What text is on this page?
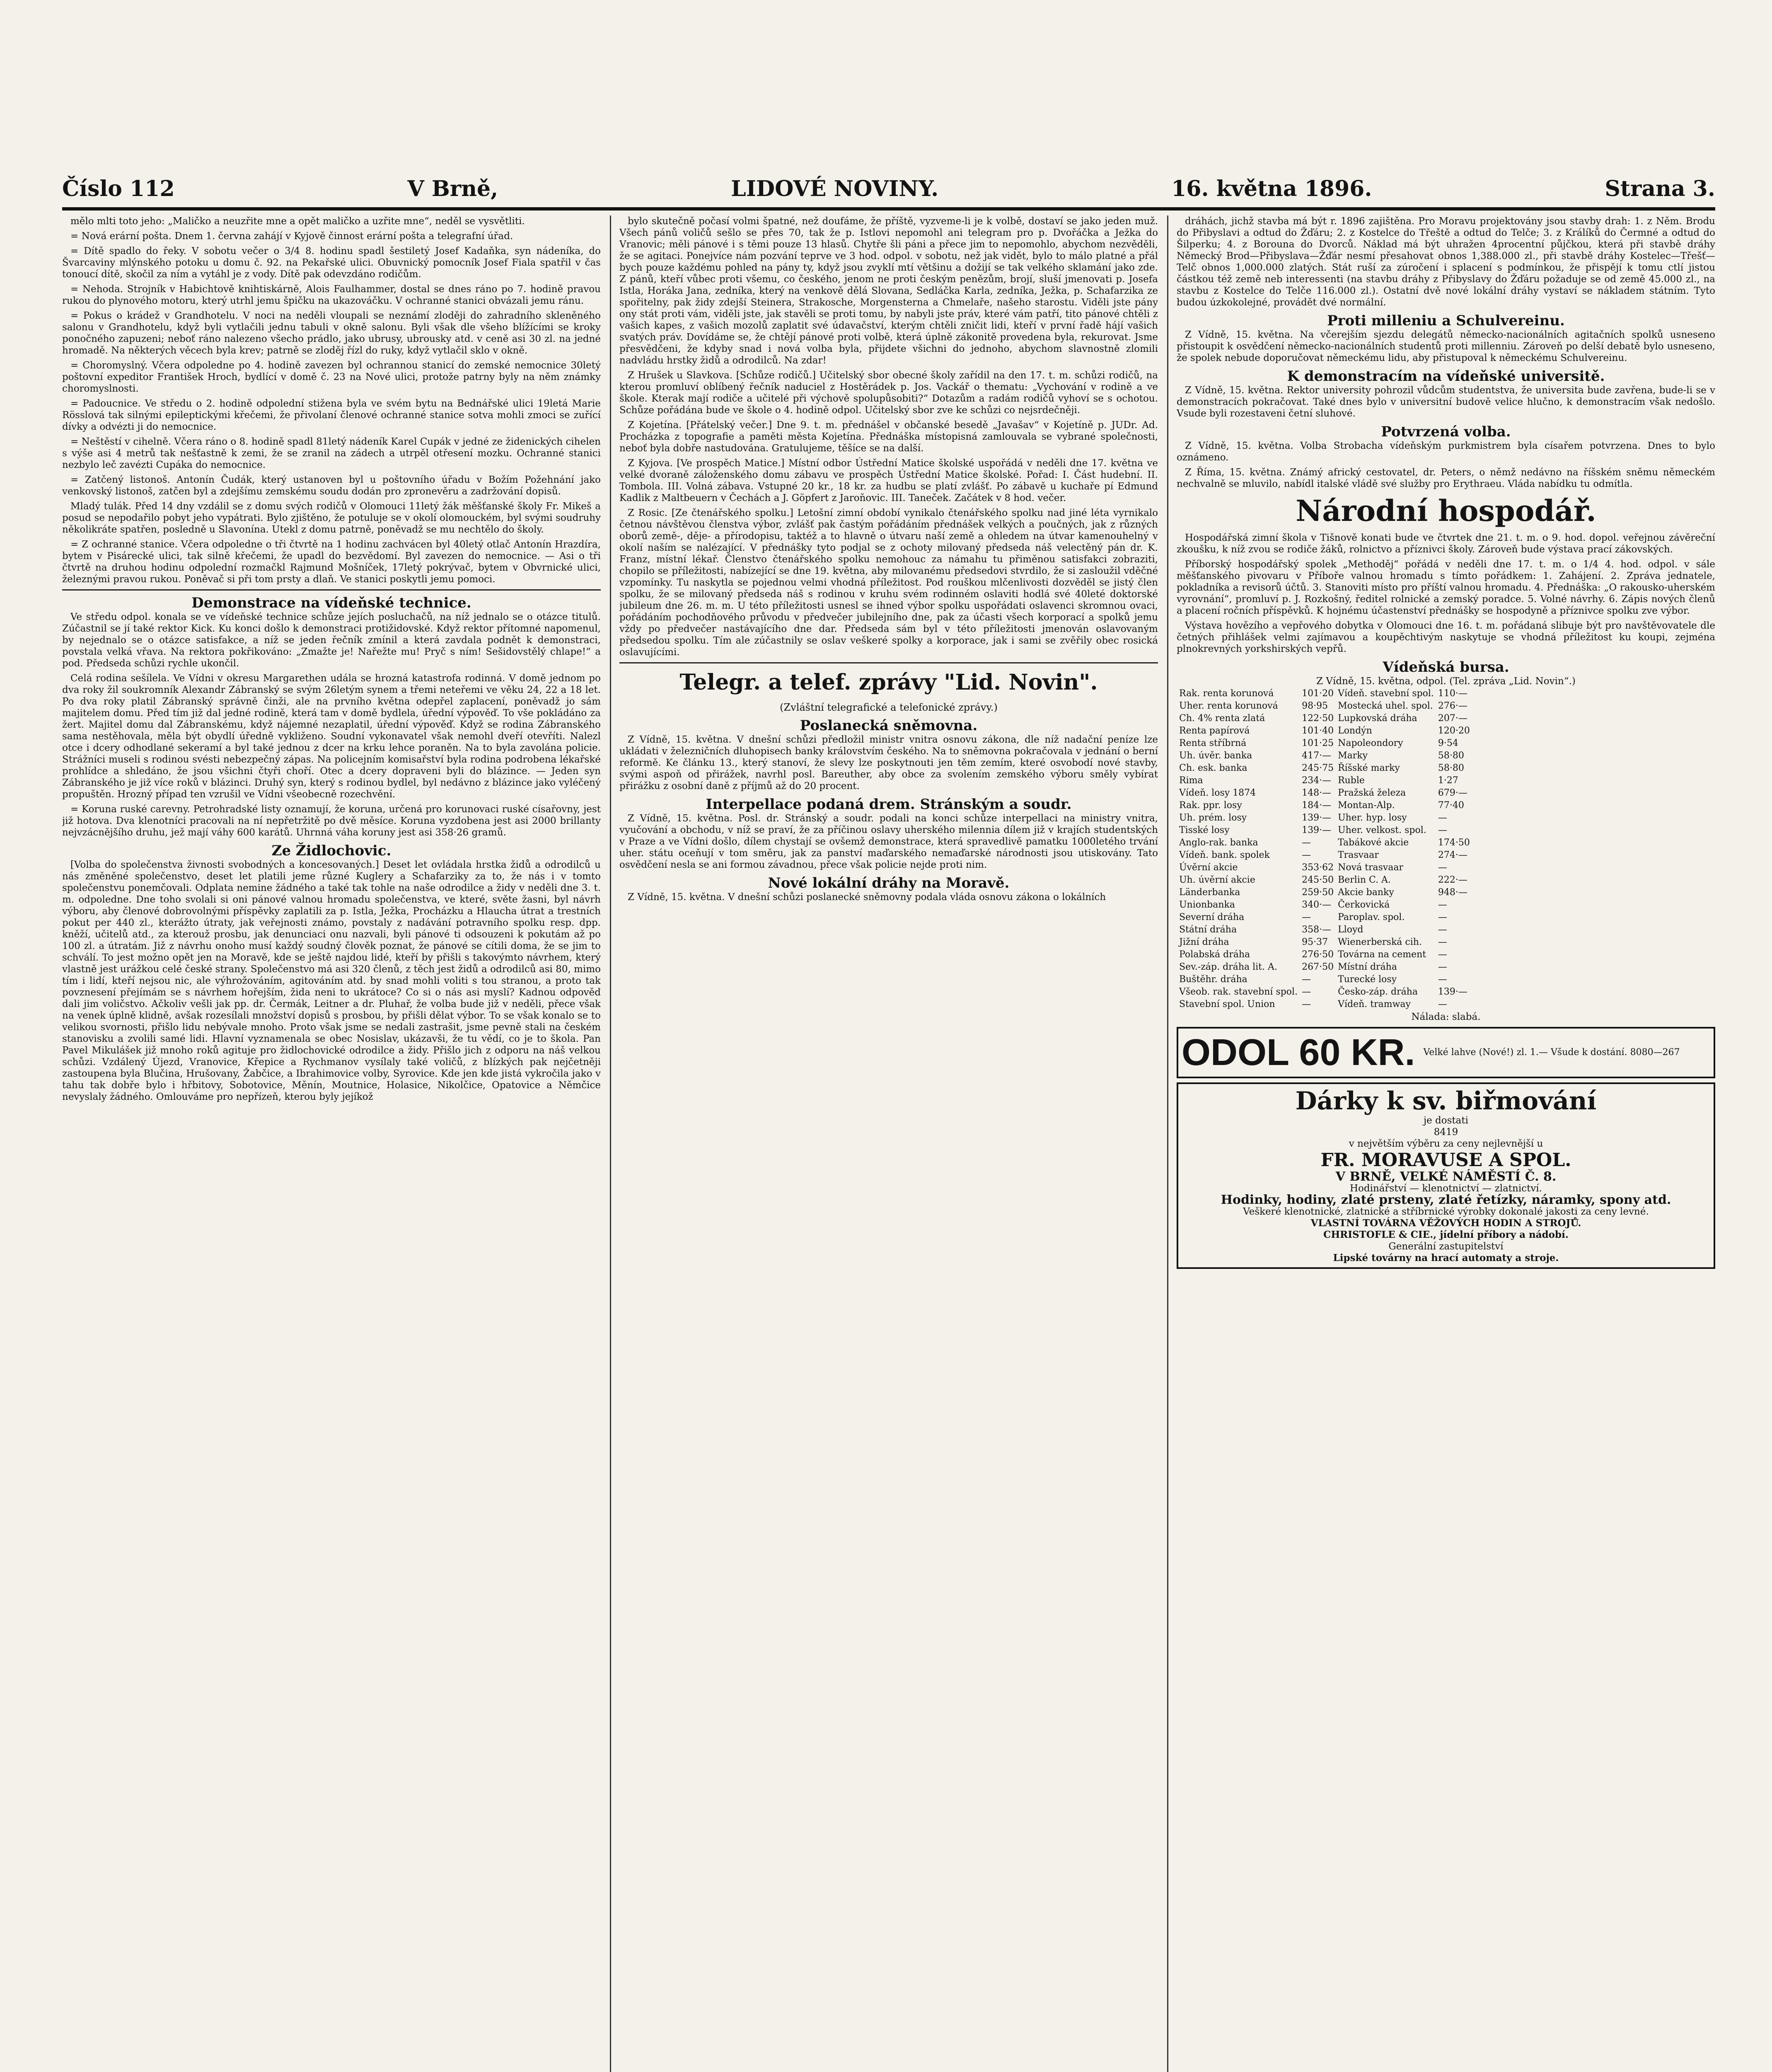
Číslo 112	V Brně,	LIDOVÉ NOVINY.	16. května 1896.	Strana 3.

mělo mlti toto jeho: „Maličko a neuzřite mne a opět maličko a uzřite mne“, neděl se vysvětliti.

= Nová erární pošta. Dnem 1. června zahájí v Kyjově činnost erární pošta a telegrafní úřad.

= Dítě spadlo do řeky. V sobotu večer o 3/4 8. hodinu spadl šestiletý Josef Kadaňka, syn nádeníka, do Švarcaviny mlýnského potoku u domu č. 92. na Pekařské ulici. Obuvnický pomocník Josef Fiala spatřil v čas tonoucí dítě, skočil za ním a vytáhl je z vody. Dítě pak odevzdáno rodičům.

= Nehoda. Strojník v Habichtově knihtiskárně, Alois Faulhammer, dostal se dnes ráno po 7. hodině pravou rukou do plynového motoru, který utrhl jemu špičku na ukazováčku. V ochranné stanici obvázali jemu ránu.

= Pokus o krádež v Grandhotelu. V noci na neděli vloupali se neznámí zloději do zahradního skleněného salonu v Grandhotelu, když byli vytlačili jednu tabuli v okně salonu. Byli však dle všeho blížícími se kroky ponočného zapuzeni; neboť ráno nalezeno všecho prádlo, jako ubrusy, ubrousky atd. v ceně asi 30 zl. na jedné hromadě. Na některých věcech byla krev; patrně se zloděj řízl do ruky, když vytlačil sklo v okně.

= Choromyslný. Včera odpoledne po 4. hodině zavezen byl ochrannou stanicí do zemské nemocnice 30letý poštovní expeditor František Hroch, bydlící v domě č. 23 na Nové ulici, protože patrny byly na něm známky choromyslnosti.

= Padoucnice. Ve středu o 2. hodině odpolední stižena byla ve svém bytu na Bednářské ulici 19letá Marie Rösslová tak silnými epileptickými křečemi, že přivolaní členové ochranné stanice sotva mohli zmoci se zuřící dívky a odvézti ji do nemocnice.

= Neštěstí v cihelně. Včera ráno o 8. hodině spadl 81letý nádeník Karel Cupák v jedné ze židenických cihelen s výše asi 4 metrů tak nešťastně k zemi, že se zranil na zádech a utrpěl otřesení mozku. Ochranné stanici nezbylo leč zavézti Cupáka do nemocnice.

= Zatčený listonoš. Antonín Čudák, který ustanoven byl u poštovního úřadu v Božím Požehnání jako venkovský listonoš, zatčen byl a zdejšímu zemskému soudu dodán pro zpronevěru a zadržování dopisů.

Mladý tulák. Před 14 dny vzdálil se z domu svých rodičů v Olomouci 11letý žák měšťanské školy Fr. Mikeš a posud se nepodařilo pobyt jeho vypátrati. Bylo zjištěno, že potuluje se v okolí olomouckém, byl svými soudruhy několikráte spatřen, posledně u Slavonína. Utekl z domu patrně, poněvadž se mu nechtělo do školy.

= Z ochranné stanice. Včera odpoledne o tři čtvrtě na 1 hodinu zachvácen byl 40letý otlač Antonín Hrazdíra, bytem v Pisárecké ulici, tak silně křečemi, že upadl do bezvědomí. Byl zavezen do nemocnice. — Asi o tři čtvrtě na druhou hodinu odpolední rozmačkl Rajmund Mošníček, 17letý pokrývač, bytem v Obvrnické ulici, železnými pravou rukou. Poněvač si při tom prsty a dlaň. Ve stanici poskytli jemu pomoci.

Demonstrace na vídeňské technice.

Ve středu odpol. konala se ve vídeňské technice schůze jejích posluchačů, na níž jednalo se o otázce titulů. Zúčastnil se jí také rektor Kick. Ku konci došlo k demonstraci protižidovské. Když rektor přítomné napomenul, by nejednalo se o otázce satisfakce, a níž se jeden řečník zmínil a která zavdala podnět k demonstraci, povstala velká vřava. Na rektora pokřikováno: „Zmažte je! Nařežte mu! Pryč s ním! Sešidovstělý chlape!“ a pod. Předseda schůzi rychle ukončil.

Celá rodina sešílela. Ve Vídni v okresu Margarethen udála se hrozná katastrofa rodinná. V domě jednom po dva roky žil soukromník Alexandr Zábranský se svým 26letým synem a třemi neteřemi ve věku 24, 22 a 18 let. Po dva roky platil Zábranský správně činži, ale na prvního května odepřel zaplacení, poněvadž jo sám majitelem domu. Před tím již dal jedné rodině, která tam v domě bydlela, úřední výpověď. To vše pokládáno za žert. Majitel domu dal Zábranskému, když nájemné nezaplatil, úřední výpověď. Když se rodina Zábranského sama nestěhovala, měla být obydlí úředně vykliženo. Soudní vykonavatel však nemohl dveří otevříti. Nalezl otce i dcery odhodlané sekeramí a byl také jednou z dcer na krku lehce poraněn. Na to byla zavolána policie. Strážníci museli s rodinou svésti nebezpečný zápas. Na policejním komisařství byla rodina podrobena lékařské prohlídce a shledáno, že jsou všichni čtyři choří. Otec a dcery dopraveni byli do blázince. — Jeden syn Zábranského je již více roků v blázinci. Druhý syn, který s rodinou bydlel, byl nedávno z blázince jako vyléčený propuštěn. Hrozný případ ten vzrušil ve Vídni všeobecně rozechvění.

= Koruna ruské carevny. Petrohradské listy oznamují, že koruna, určená pro korunovaci ruské císařovny, jest již hotova. Dva klenotníci pracovali na ní nepřetržitě po dvě měsíce. Koruna vyzdobena jest asi 2000 brillanty nejvzácnějšího druhu, jež mají váhy 600 karátů. Uhrnná váha koruny jest asi 358·26 gramů.

Ze Židlochovic.

[Volba do společenstva živnosti svobodných a koncesovaných.] Deset let ovládala hrstka židů a odrodilců u nás změněné společenstvo, deset let platili jeme různé Kuglery a Schafarziky za to, že nás i v tomto společenstvu ponemčovali. Odplata nemine žádného a také tak tohle na naše odrodilce a židy v neděli dne 3. t. m. odpoledne. Dne toho svolali si oni pánové valnou hromadu společenstva, ve které, světe žasni, byl návrh výboru, aby členové dobrovolnými příspěvky zaplatili za p. Istla, Ježka, Procházku a Hlaucha útrat a trestních pokut per 440 zl., kterážto útraty, jak veřejnosti známo, povstaly z nadávání potravního spolku resp. dpp. kněží, učitelů atd., za kterouž prosbu, jak denunciaci onu nazvali, byli pánové ti odsouzeni k pokutám až po 100 zl. a útratám. Již z návrhu onoho musí každý soudný člověk poznat, že pánové se cítili doma, že se jim to schválí. To jest možno opět jen na Moravě, kde se ještě najdou lidé, kteří by přišli s takovýmto návrhem, který vlastně jest urážkou celé české strany. Společenstvo má asi 320 členů, z těch jest židů a odrodilců asi 80, mimo tím i lidí, kteří nejsou nic, ale výhrožováním, agitováním atd. by snad mohli voliti s tou stranou, a proto tak povznesení přejímám se s návrhem hořejším, žida neni to ukrátoce? Co si o nás asi myslí? Kadnou odpověď dali jim voličstvo. Ačkoliv vešli jak pp. dr. Čermák, Leitner a dr. Pluhař, že volba bude již v neděli, přece však na venek úplně klidně, avšak rozesílali množství dopisů s prosbou, by přišli dělat výbor. To se však konalo se to velikou svornosti, přišlo lidu nebývale mnoho. Proto však jsme se nedali zastrašit, jsme pevně stali na českém stanovisku a zvolili samé lidi. Hlavní vyznamenala se obec Nosislav, ukázavši, že tu vědí, co je to škola. Pan Pavel Mikulášek již mnoho roků agituje pro židlochovické odrodilce a židy. Přišlo jich z odporu na náš velkou schůzi. Vzdálený Újezd, Vranovice, Křepice a Rychmanov vysílaly také voličů, z blízkých pak nejčetněji zastoupena byla Blučina, Hrušovany, Žabčice, a Ibrahimovice volby, Syrovice. Kde jen kde jistá vykročila jako v tahu tak dobře bylo i hřbitovy, Sobotovice, Měnín, Moutnice, Holasice, Nikolčice, Opatovice a Němčice nevyslaly žádného. Omlouváme pro nepřízeň, kterou byly jejíkož

bylo skutečně počasí volmi špatné, než doufáme, že příště, vyzveme-li je k volbě, dostaví se jako jeden muž. Všech pánů voličů sešlo se přes 70, tak že p. Istlovi nepomohl ani telegram pro p. Dvořáčka a Ježka do Vranovic; měli pánové i s těmi pouze 13 hlasů. Chytře šli páni a přece jim to nepomohlo, abychom nezvěděli, že se agitaci. Ponejvíce nám pozvání teprve ve 3 hod. odpol. v sobotu, než jak vidět, bylo to málo platné a přál bych pouze každému pohled na pány ty, když jsou zvyklí mtí většinu a dožijí se tak velkého sklamání jako zde. Z pánů, kteří vůbec proti všemu, co českého, jenom ne proti českým penězům, brojí, sluší jmenovati p. Josefa Istla, Horáka Jana, zedníka, který na venkově dělá Slovana, Sedláčka Karla, zedníka, Ježka, p. Schafarzika ze spořitelny, pak židy zdejší Steinera, Strakosche, Morgensterna a Chmelaře, našeho starostu. Viděli jste pány ony stát proti vám, viděli jste, jak stavěli se proti tomu, by nabyli jste práv, které vám patří, tito pánové chtěli z vašich kapes, z vašich mozolů zaplatit své údavačství, kterým chtěli zničit lidi, kteří v první řadě hájí vašich svatých práv. Dovídáme se, že chtějí pánové proti volbě, která úplně zákonitě provedena byla, rekurovat. Jsme přesvědčeni, že kdyby snad i nová volba byla, přijdete všichni do jednoho, abychom slavnostně zlomili nadvládu hrstky židů a odrodilců. Na zdar!

Z Hrušek u Slavkova. [Schůze rodičů.] Učitelský sbor obecné školy zařídil na den 17. t. m. schůzi rodičů, na kterou promluví oblíbený řečník naduciel z Hostěrádek p. Jos. Vackář o thematu: „Vychování v rodině a ve škole. Kterak mají rodiče a učitelé při výchově spolupůsobiti?“ Dotazům a radám rodičů vyhoví se s ochotou. Schůze pořádána bude ve škole o 4. hodině odpol. Učitelský sbor zve ke schůzi co nejsrdečněji.

Z Kojetína. [Přátelský večer.] Dne 9. t. m. přednášel v občanské besedě „Javašav“ v Kojetíně p. JUDr. Ad. Procházka z topografie a paměti města Kojetína. Přednáška místopisná zamlouvala se vybrané společnosti, neboť byla dobře nastudována. Gratulujeme, těšíce se na další.

Z Kyjova. [Ve prospěch Matice.] Místní odbor Ústřední Matice školské uspořádá v neděli dne 17. května ve velké dvoraně záloženského domu zábavu ve prospěch Ústřední Matice školské. Pořad: I. Část hudební. II. Tombola. III. Volná zábava. Vstupné 20 kr., 18 kr. za hudbu se platí zvlášť. Po zábavě u kuchaře pí Edmund Kadlik z Maltbeuern v Čechách a J. Göpfert z Jaroňovic. III. Taneček. Začátek v 8 hod. večer.

Z Rosic. [Ze čtenářského spolku.] Letošní zimní období vynikalo čtenářského spolku nad jiné léta vyrnikalo četnou návštěvou členstva výbor, zvlášť pak častým pořádáním přednášek velkých a poučných, jak z různých oborů země-, děje- a přírodopisu, taktéž a to hlavně o útvaru naší země a ohledem na útvar kamenouhelný v okolí naším se nalézající. V přednášky tyto podjal se z ochoty milovaný předseda náš velectěný pán dr. K. Franz, místní lékař. Členstvo čtenářského spolku nemohouc za námahu tu přiměnou satisfakci zobraziti, chopilo se příležitosti, nabízející se dne 19. května, aby milovanému předsedovi stvrdilo, že si zasloužil vděčné vzpomínky. Tu naskytla se pojednou velmi vhodná příležitost. Pod rouškou mlčenlivosti dozvěděl se jistý člen spolku, že se milovaný předseda náš s rodinou v kruhu svém rodinném oslaviti hodlá své 40leté doktorské jubileum dne 26. m. m. U této příležitosti usnesl se ihned výbor spolku uspořádati oslavenci skromnou ovaci, pořádáním pochodňového průvodu v předvečer jubilejního dne, pak za účasti všech korporací a spolků jemu vždy po předvečer nastávajícího dne dar. Předseda sám byl v této příležitosti jmenován oslavovaným předsedou spolku. Tím ale zúčastnily se oslav veškeré spolky a korporace, jak i sami se zvěřily obec rosická oslavujícími.

Telegr. a telef. zprávy "Lid. Novin".
(Zvláštní telegrafické a telefonické zprávy.)
Poslanecká sněmovna.

Z Vídně, 15. května. V dnešní schůzi předložil ministr vnitra osnovu zákona, dle níž nadační peníze lze ukládati v železničních dluhopisech banky královstvím českého. Na to sněmovna pokračovala v jednání o berní reformě. Ke článku 13., který stanoví, že slevy lze poskytnouti jen těm zemím, které osvobodí nové stavby, svými aspoň od přirážek, navrhl posl. Bareuther, aby obce za svolením zemského výboru směly vybírat přirážku z osobní daně z příjmů až do 20 procent.

Interpellace podaná drem. Stránským a soudr.

Z Vídně, 15. května. Posl. dr. Stránský a soudr. podali na konci schůze interpellaci na ministry vnitra, vyučování a obchodu, v níž se praví, že za příčinou oslavy uherského milennia dílem již v krajích studentských v Praze a ve Vídni došlo, dílem chystají se ovšemž demonstrace, která spravedlivě pamatku 1000letého trvání uher. státu oceňují v tom směru, jak za panství maďarského nemaďarské národnosti jsou utiskovány. Tato osvědčení nesla se ani formou závadnou, přece však policie nejde proti nim.

Nové lokální dráhy na Moravě.

Z Vídně, 15. května. V dnešní schůzi poslanecké sněmovny podala vláda osnovu zákona o lokálních

dráhách, jichž stavba má být r. 1896 zajištěna. Pro Moravu projektovány jsou stavby drah: 1. z Něm. Brodu do Přibyslavi a odtud do Žďáru; 2. z Kostelce do Třeště a odtud do Telče; 3. z Králíků do Čermné a odtud do Šilperku; 4. z Borouna do Dvorců. Náklad má být uhražen 4procentní půjčkou, která při stavbě dráhy Německý Brod—Přibyslava—Žďár nesmí přesahovat obnos 1,388.000 zl., při stavbě dráhy Kostelec—Třešť—Telč obnos 1,000.000 zlatých. Stát ruší za zúročení i splacení s podmínkou, že přispějí k tomu ctlí jistou částkou též země neb interessenti (na stavbu dráhy z Přibyslavy do Žďáru požaduje se od země 45.000 zl., na stavbu z Kostelce do Telče 116.000 zl.). Ostatní dvě nové lokální dráhy vystaví se nákladem státním. Tyto budou úzkokolejné, provádět dvé normální.

Proti milleniu a Schulvereinu.

Z Vídně, 15. května. Na včerejším sjezdu delegátů německo-nacionálních agitačních spolků usneseno přistoupit k osvědčení německo-nacionálních studentů proti millenniu. Zároveň po delší debatě bylo usneseno, že spolek nebude doporučovat německému lidu, aby přistupoval k německému Schulvereinu.

K demonstracím na vídeňské universitě.

Z Vídně, 15. května. Rektor university pohrozil vůdcům studentstva, že universita bude zavřena, bude-li se v demonstracích pokračovat. Také dnes bylo v universitní budově velice hlučno, k demonstracím však nedošlo. Vsude byli rozestaveni četní sluhové.

Potvrzená volba.

Z Vídně, 15. května. Volba Strobacha vídeňským purkmistrem byla císařem potvrzena. Dnes to bylo oznámeno.

Z Říma, 15. května. Známý africký cestovatel, dr. Peters, o němž nedávno na říšském sněmu německém nechvalně se mluvilo, nabídl italské vládě své služby pro Erythraeu. Vláda nabídku tu odmítla.

Národní hospodář.

Hospodářská zimní škola v Tišnově konati bude ve čtvrtek dne 21. t. m. o 9. hod. dopol. veřejnou závěreční zkoušku, k níž zvou se rodiče žáků, rolnictvo a příznivci školy. Zároveň bude výstava prací zákovských.

Příborský hospodářský spolek „Methoděj“ pořádá v neděli dne 17. t. m. o 1/4 4. hod. odpol. v sále měšťanského pivovaru v Příboře valnou hromadu s tímto pořádkem: 1. Zahájení. 2. Zpráva jednatele, pokladníka a revisorů účtů. 3. Stanoviti místo pro příští valnou hromadu. 4. Přednáška: „O rakousko-uherském vyrovnání“, promluví p. J. Rozkošný, ředitel rolnické a zemský poradce. 5. Volné návrhy. 6. Zápis nových členů a placení ročních příspěvků. K hojnému účastenství přednášky se hospodyně a příznivce spolku zve výbor.

Výstava hovězího a vepřového dobytka v Olomouci dne 16. t. m. pořádaná slibuje být pro navštěvovatele dle četných přihlášek velmi zajímavou a koupěchtivým naskytuje se vhodná příležitost ku koupi, zejména plnokrevných yorkshirských vepřů.

Vídeňská bursa.
Z Vídně, 15. května, odpol. (Tel. zpráva „Lid. Novin“.)
Rak. renta korunová	101·20	Vídeň. stavební spol.	110·—
Uher. renta korunová	98·95	Mostecká uhel. spol.	276·—
Ch. 4% renta zlatá	122·50	Lupkovská dráha	207·—
Renta papírová	101·40	Londýn	120·20
Renta stříbrná	101·25	Napoleondory	9·54
Uh. úvěr. banka	417·—	Marky	58·80
Ch. esk. banka	245·75	Říšské marky	58·80
Rima	234·—	Ruble	1·27
Vídeň. losy 1874	148·—	Pražská železa	679·—
Rak. ppr. losy	184·—	Montan-Alp.	77·40
Uh. prém. losy	139·—	Uher. hyp. losy	—
Tisské losy	139·—	Uher. velkost. spol.	—
Anglo-rak. banka	—	Tabákové akcie	174·50
Vídeň. bank. spolek	—	Trasvaar	274·—
Úvěrní akcie	353·62	Nová trasvaar	—
Uh. úvěrní akcie	245·50	Berlin C. A.	222·—
Länderbanka	259·50	Akcie banky	948·—
Unionbanka	340·—	Čerkovická	—
Severní dráha	—	Paroplav. spol.	—
Státní dráha	358·—	Lloyd	—
Jižní dráha	95·37	Wienerberská cih.	—
Polabská dráha	276·50	Továrna na cement	—
Sev.-záp. dráha lit. A.	267·50	Místní dráha	—
Buštěhr. dráha	—	Turecké losy	—
Všeob. rak. stavební spol.	—	Česko-záp. dráha	139·—
Stavební spol. Union	—	Vídeň. tramway	—
Nálada: slabá.
ODOL 60 KR. Velké lahve (Nové!) zl. 1.— Všude k dostání. 8080—267
Dárky k sv. biřmování
je dostati
8419
v největším výběru za ceny nejlevnější u
FR. MORAVUSE A SPOL.
V BRNĚ, VELKÉ NÁMĚSTÍ Č. 8.
Hodinářství — klenotnictví — zlatnictví.
Hodinky, hodiny, zlaté prsteny, zlaté řetízky, náramky, spony atd.
Veškeré klenotnické, zlatnické a stříbrnické výrobky dokonalé jakosti za ceny levné.
VLASTNÍ TOVÁRNA VĚŽOVÝCH HODIN A STROJŮ.
CHRISTOFLE & CIE., jídelní příbory a nádobí.
Generální zastupitelství
Lipské továrny na hrací automaty a stroje.
